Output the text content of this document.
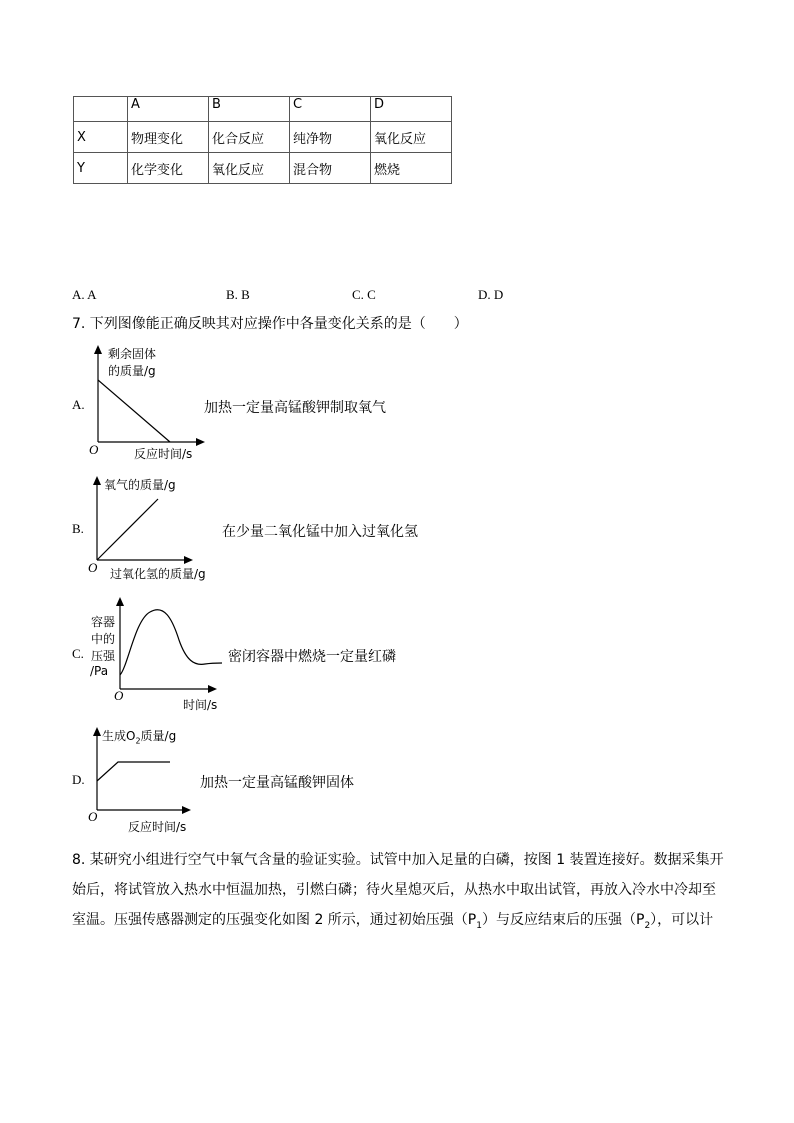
	A	B	C	D
X	物理变化	化合反应	纯净物	氧化反应
Y	化学变化	氧化反应	混合物	燃烧
A. A	B. B	C. C	D. D
7. 下列图像能正确反映其对应操作中各量变化关系的是（　　）
A.
剩余固体
的质量/g
O	反应时间/s
加热一定量高锰酸钾制取氧气
B.
氧气的质量/g
O 过氧化氢的质量/g
在少量二氧化锰中加入过氧化氢
C.
容器
中的
压强
/Pa
O
时间/s
密闭容器中燃烧一定量红磷
D.
生成$O_2$质量/g
O
反应时间/s
加热一定量高锰酸钾固体
8. 某研究小组进行空气中氧气含量的验证实验。试管中加入足量的白磷，按图 1 装置连接好。数据采集开
始后，将试管放入热水中恒温加热，引燃白磷；待火星熄灭后，从热水中取出试管，再放入冷水中冷却至
室温。压强传感器测定的压强变化如图 2 所示，通过初始压强$(P_1)$与反应结束后的压强$(P_2)$，可以计
